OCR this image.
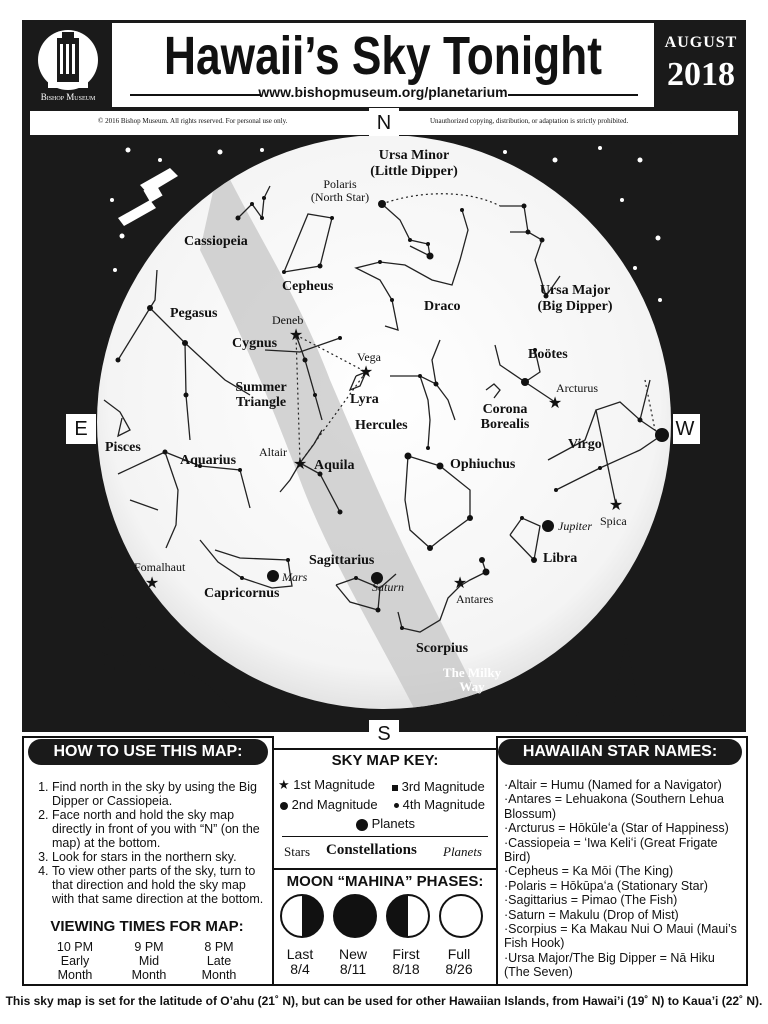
Bishop Museum
Hawaii’s Sky Tonight
www.bishopmuseum.org/planetarium
AUGUST
2018
© 2016 Bishop Museum. All rights reserved. For personal use only.	Unauthorized copying, distribution, or adaptation is strictly prohibited.
N
S
E	W
★
★
★
★
★
★	★
Ursa Minor
(Little Dipper)
Polaris
(North Star)
Cassiopeia
Cepheus
Draco
Ursa Major
(Big Dipper)
Pegasus	Deneb
Cygnus
Vega
Summer
Triangle	Lyra
Boötes
Arcturus
Corona
Borealis
Hercules
Pisces
Aquarius
Altair
Aquila	Ophiuchus
Virgo
Jupiter Spica
Libra
Fomalhaut
Mars
Sagittarius
Saturn
Antares
Capricornus
Scorpius
The Milky
Way
HOW TO USE THIS MAP:
1. Find north in the sky by using the Big Dipper or Cassiopeia.
2. Face north and hold the sky map directly in front of you with “N” (on the map) at the bottom.
3. Look for stars in the northern sky.
4. To view other parts of the sky, turn to that direction and hold the sky map with that same direction at the bottom.
VIEWING TIMES FOR MAP:
10 PM
Early
Month
9 PM
Mid
Month
8 PM
Late
Month
SKY MAP KEY:
★ 1st Magnitude	3rd Magnitude
2nd Magnitude	4th Magnitude
Planets
Stars Constellations Planets
MOON “MAHINA” PHASES:
Last
8/4
New
8/11
First
8/18
Full
8/26
HAWAIIAN STAR NAMES:
·Altair = Humu (Named for a Navigator)
·Antares = Lehuakona (Southern Lehua Blossum)
·Arcturus = Hōkūleʻa (Star of Happiness)
·Cassiopeia = ʻIwa Keliʻi (Great Frigate Bird)
·Cepheus = Ka Mōi (The King)
·Polaris = Hōkūpaʻa (Stationary Star)
·Sagittarius = Pimao (The Fish)
·Saturn = Makulu (Drop of Mist)
·Scorpius = Ka Makau Nui O Maui (Maui’s Fish Hook)
·Ursa Major/The Big Dipper = Nā Hiku (The Seven)
This sky map is set for the latitude of O’ahu (21˚ N), but can be used for other Hawaiian Islands, from Hawai’i (19˚ N) to Kaua’i (22˚ N).
